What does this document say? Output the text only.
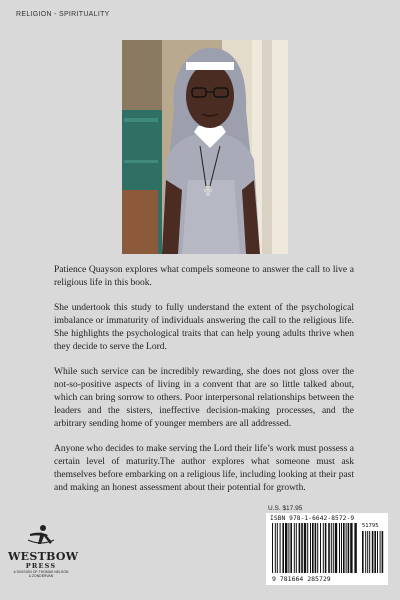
RELIGION - SPIRITUALITY

Patience Quayson explores what compels someone to answer the call to live a religious life in this book.

She undertook this study to fully understand the extent of the psychological imbalance or immaturity of individuals answering the call to the religious life. She highlights the psychological traits that can help young adults thrive when they decide to serve the Lord.

While such service can be incredibly rewarding, she does not gloss over the not-so-positive aspects of living in a convent that are so little talked about, which can bring sorrow to others. Poor interpersonal relationships between the leaders and the sisters, ineffective decision-making processes, and the arbitrary sending home of younger members are all addressed.

Anyone who decides to make serving the Lord their life’s work must possess a certain level of maturity.The author explores what someone must ask themselves before embarking on a religious life, including looking at their past and making an honest assessment about their potential for growth.

WESTBOW
PRESS
A DIVISION OF THOMAS NELSON
& ZONDERVAN
U.S. $17.95
ISBN 978-1-6642-8572-9
51795
9 781664 285729
